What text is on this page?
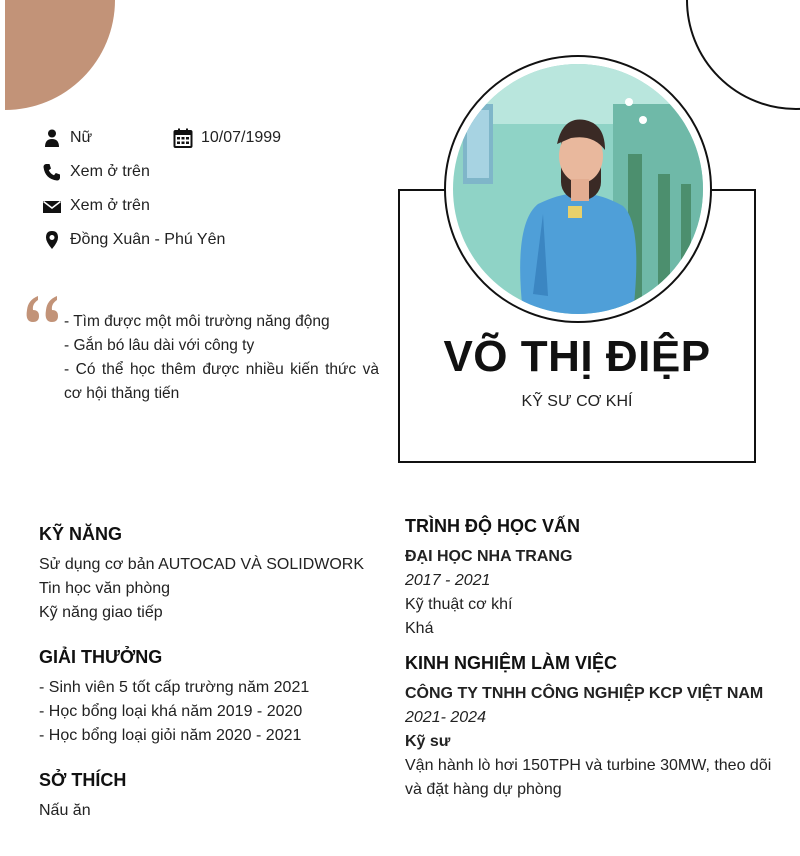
Nữ	10/07/1999
Xem ở trên
Xem ở trên
Đồng Xuân - Phú Yên
- Tìm được một môi trường năng động
- Gắn bó lâu dài với công ty
- Có thể học thêm được nhiều kiến thức và cơ hội thăng tiến
VÕ THỊ ĐIỆP
KỸ SƯ CƠ KHÍ
KỸ NĂNG
Sử dụng cơ bản AUTOCAD VÀ SOLIDWORK
Tin học văn phòng
Kỹ năng giao tiếp
GIẢI THƯỞNG
- Sinh viên 5 tốt cấp trường năm 2021
- Học bổng loại khá năm 2019 - 2020
- Học bổng loại giỏi năm 2020 - 2021
SỞ THÍCH
Nấu ăn
TRÌNH ĐỘ HỌC VẤN
ĐẠI HỌC NHA TRANG
2017 - 2021
Kỹ thuật cơ khí
Khá
KINH NGHIỆM LÀM VIỆC
CÔNG TY TNHH CÔNG NGHIỆP KCP VIỆT NAM
2021- 2024
Kỹ sư
Vận hành lò hơi 150TPH và turbine 30MW, theo dõi và đặt hàng dự phòng
